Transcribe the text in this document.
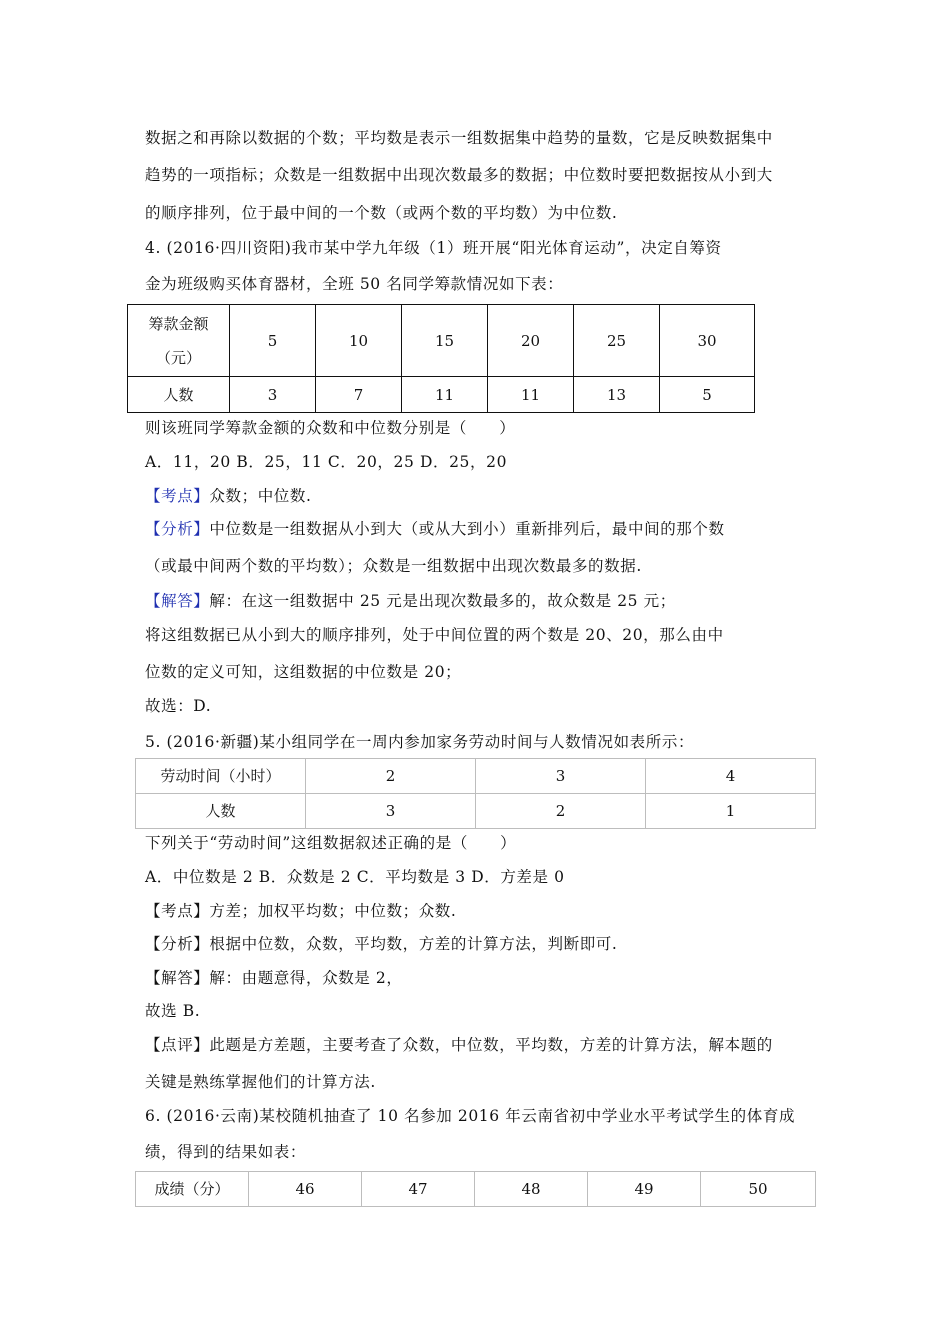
数据之和再除以数据的个数；平均数是表示一组数据集中趋势的量数，它是反映数据集中
趋势的一项指标；众数是一组数据中出现次数最多的数据；中位数时要把数据按从小到大
的顺序排列，位于最中间的一个数（或两个数的平均数）为中位数.
4. (2016·四川资阳)我市某中学九年级（1）班开展“阳光体育运动”，决定自筹资
金为班级购买体育器材，全班 50 名同学筹款情况如下表：
筹款金额
（元）	5	10	15	20	25	30
人数	3	7	11	11	13	5
则该班同学筹款金额的众数和中位数分别是（　　）
A．11，20 B．25，11 C．20，25 D．25，20
【考点】众数；中位数.
【分析】中位数是一组数据从小到大（或从大到小）重新排列后，最中间的那个数
（或最中间两个数的平均数）；众数是一组数据中出现次数最多的数据.
【解答】解：在这一组数据中 25 元是出现次数最多的，故众数是 25 元；
将这组数据已从小到大的顺序排列，处于中间位置的两个数是 20、20，那么由中
位数的定义可知，这组数据的中位数是 20；
故选：D.
5. (2016·新疆)某小组同学在一周内参加家务劳动时间与人数情况如表所示：
劳动时间（小时）	2	3	4
人数	3	2	1
下列关于“劳动时间”这组数据叙述正确的是（　　）
A．中位数是 2 B．众数是 2 C．平均数是 3 D．方差是 0
【考点】方差；加权平均数；中位数；众数.
【分析】根据中位数，众数，平均数，方差的计算方法，判断即可.
【解答】解：由题意得，众数是 2，
故选 B.
【点评】此题是方差题，主要考查了众数，中位数，平均数，方差的计算方法，解本题的
关键是熟练掌握他们的计算方法.
6. (2016·云南)某校随机抽查了 10 名参加 2016 年云南省初中学业水平考试学生的体育成
绩，得到的结果如表：
成绩（分）	46	47	48	49	50
